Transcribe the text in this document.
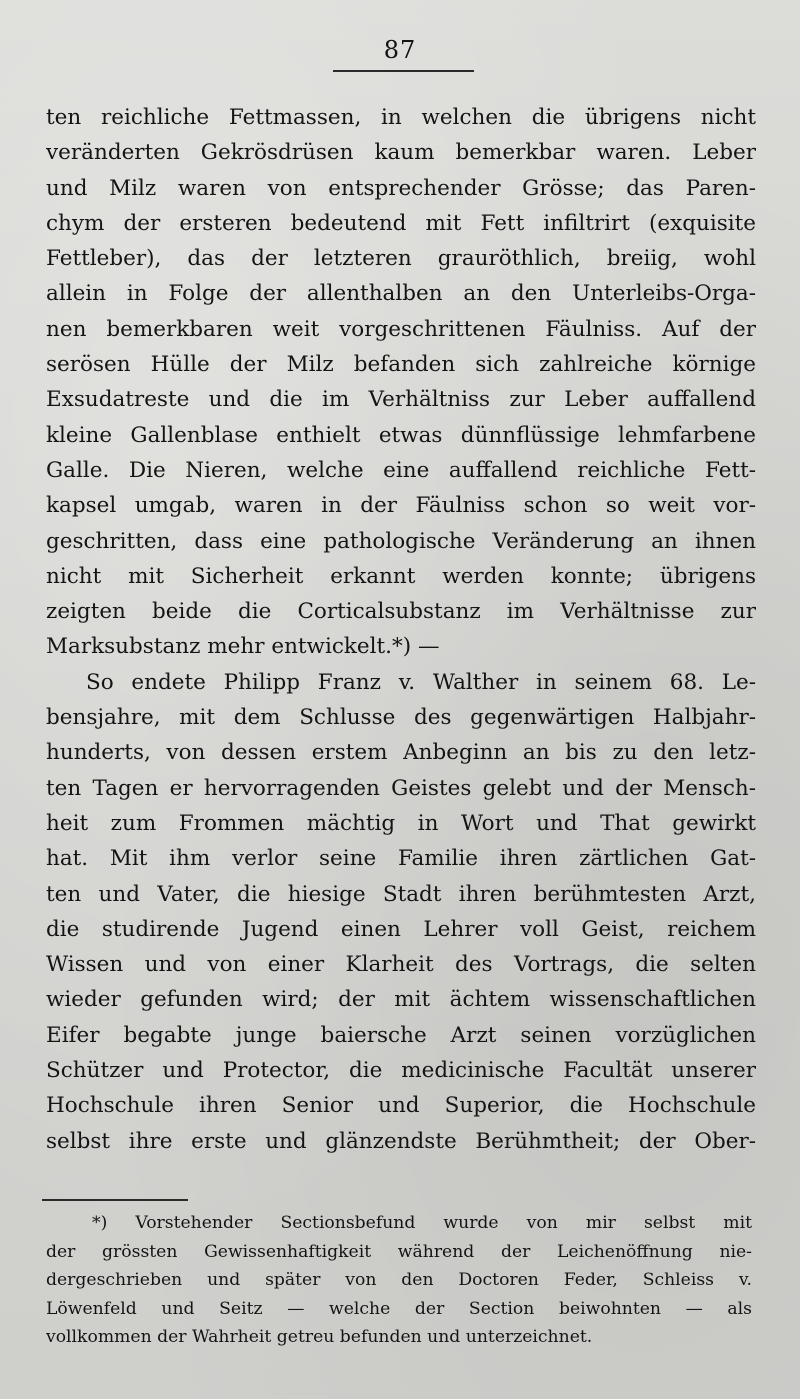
87
ten reichliche Fettmassen, in welchen die übrigens nicht
veränderten Gekrösdrüsen kaum bemerkbar waren. Leber
und Milz waren von entsprechender Grösse; das Paren-
chym der ersteren bedeutend mit Fett infiltrirt (exquisite
Fettleber), das der letzteren grauröthlich, breiig, wohl
allein in Folge der allenthalben an den Unterleibs-Orga-
nen bemerkbaren weit vorgeschrittenen Fäulniss. Auf der
serösen Hülle der Milz befanden sich zahlreiche körnige
Exsudatreste und die im Verhältniss zur Leber auffallend
kleine Gallenblase enthielt etwas dünnflüssige lehmfarbene
Galle. Die Nieren, welche eine auffallend reichliche Fett-
kapsel umgab, waren in der Fäulniss schon so weit vor-
geschritten, dass eine pathologische Veränderung an ihnen
nicht mit Sicherheit erkannt werden konnte; übrigens
zeigten beide die Corticalsubstanz im Verhältnisse zur
Marksubstanz mehr entwickelt.*) —
So endete Philipp Franz v. Walther in seinem 68. Le-
bensjahre, mit dem Schlusse des gegenwärtigen Halbjahr-
hunderts, von dessen erstem Anbeginn an bis zu den letz-
ten Tagen er hervorragenden Geistes gelebt und der Mensch-
heit zum Frommen mächtig in Wort und That gewirkt
hat. Mit ihm verlor seine Familie ihren zärtlichen Gat-
ten und Vater, die hiesige Stadt ihren berühmtesten Arzt,
die studirende Jugend einen Lehrer voll Geist, reichem
Wissen und von einer Klarheit des Vortrags, die selten
wieder gefunden wird; der mit ächtem wissenschaftlichen
Eifer begabte junge baiersche Arzt seinen vorzüglichen
Schützer und Protector, die medicinische Facultät unserer
Hochschule ihren Senior und Superior, die Hochschule
selbst ihre erste und glänzendste Berühmtheit; der Ober-
*) Vorstehender Sectionsbefund wurde von mir selbst mit
der grössten Gewissenhaftigkeit während der Leichenöffnung nie-
dergeschrieben und später von den Doctoren Feder, Schleiss v.
Löwenfeld und Seitz — welche der Section beiwohnten — als
vollkommen der Wahrheit getreu befunden und unterzeichnet.
